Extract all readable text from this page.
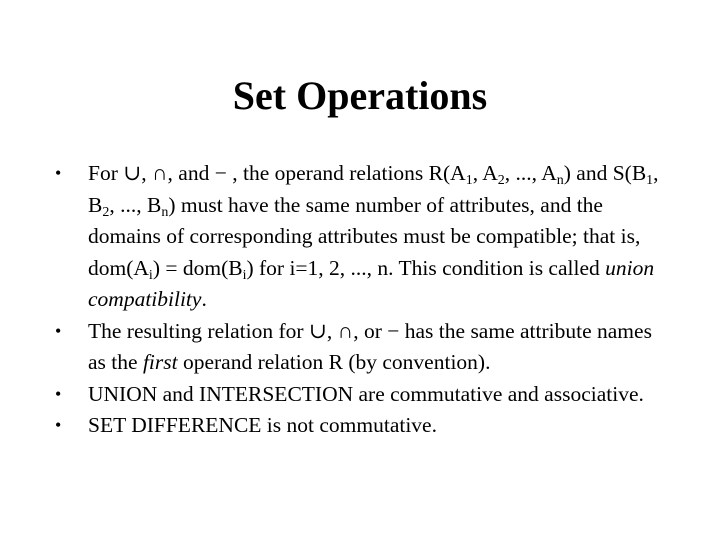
Set Operations
• For ∪, ∩, and − , the operand relations $R(A_1$, $A_2$, ..., $A_n$) and $S(B_1$, $B_2$, ..., $B_n$) must have the same number of attributes, and the domains of corresponding attributes must be compatible; that is, $dom(A_i) = dom(B_i)$ for i=1, 2, ..., n. This condition is called union compatibility.
• The resulting relation for ∪, ∩, or − has the same attribute names as the first operand relation R (by convention).
• UNION and INTERSECTION are commutative and associative.
• SET DIFFERENCE is not commutative.
